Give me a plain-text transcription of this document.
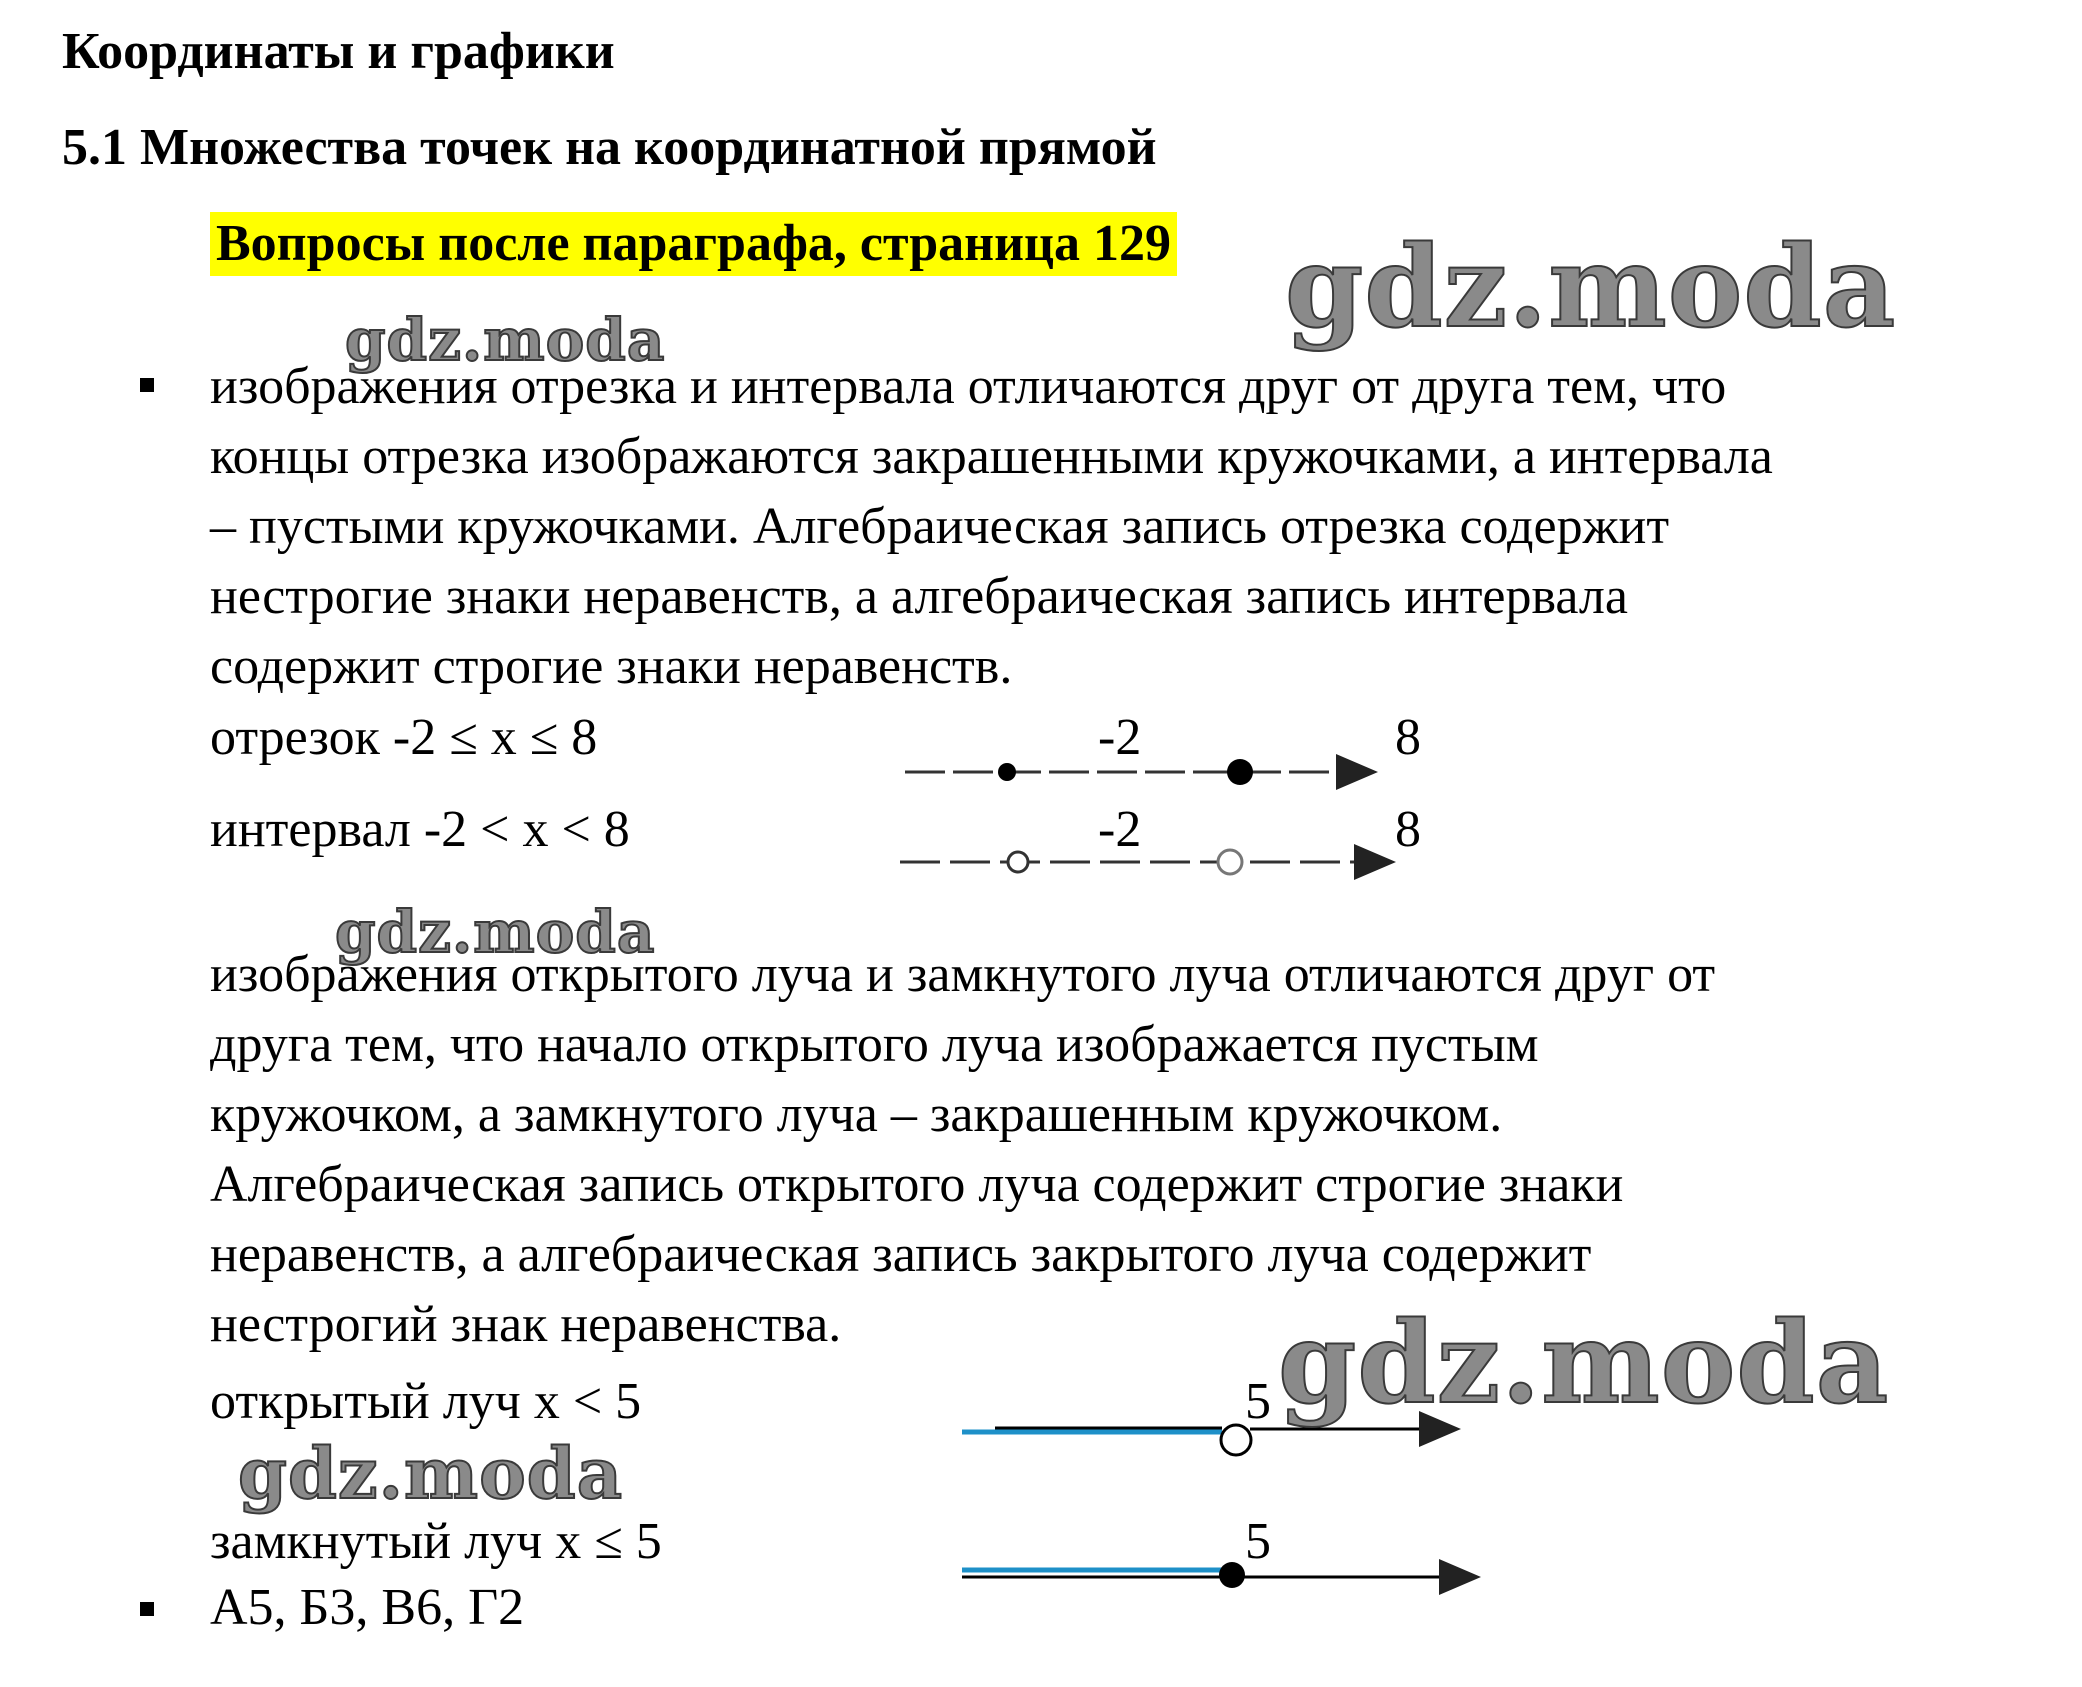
Координаты и графики
5.1 Множества точек на координатной прямой
Вопросы после параграфа, страница 129 gdz.moda
gdz.moda
изображения отрезка и интервала отличаются друг от друга тем, что
концы отрезка изображаются закрашенными кружочками, а интервала
– пустыми кружочками. Алгебраическая запись отрезка содержит
нестрогие знаки неравенств, а алгебраическая запись интервала
содержит строгие знаки неравенств.
отрезок -2 ≤ x ≤ 8
интервал -2 < x < 8
-2	8
-2	8
gdz.moda
изображения открытого луча и замкнутого луча отличаются друг от
друга тем, что начало открытого луча изображается пустым
кружочком, а замкнутого луча – закрашенным кружочком.
Алгебраическая запись открытого луча содержит строгие знаки
неравенств, а алгебраическая запись закрытого луча содержит
нестрогий знак неравенства.
открытый луч x < 5	5 gdz.moda
gdz.moda
замкнутый луч x ≤ 5	5
А5, Б3, В6, Г2
